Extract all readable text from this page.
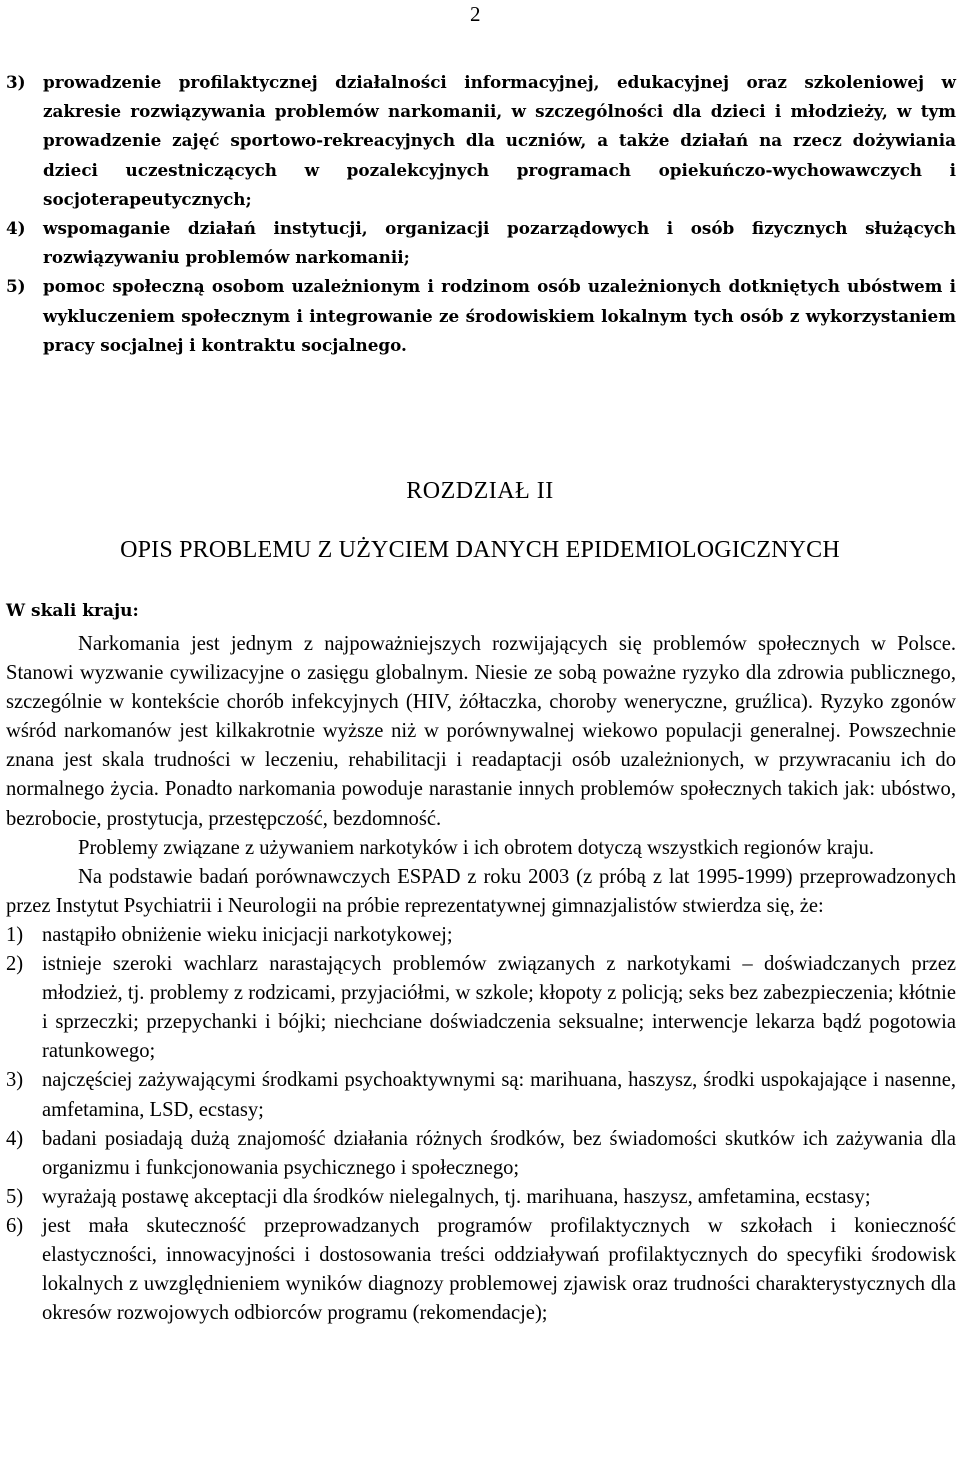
2
3)	prowadzenie profilaktycznej działalności informacyjnej, edukacyjnej oraz szkoleniowej w zakresie rozwiązywania problemów narkomanii, w szczególności dla dzieci i młodzieży, w tym prowadzenie zajęć sportowo-rekreacyjnych dla uczniów, a także działań na rzecz dożywiania dzieci uczestniczących w pozalekcyjnych programach opiekuńczo-wychowawczych i socjoterapeutycznych;
4)	wspomaganie działań instytucji, organizacji pozarządowych i osób fizycznych służących rozwiązywaniu problemów narkomanii;
5)	pomoc społeczną osobom uzależnionym i rodzinom osób uzależnionych dotkniętych ubóstwem i wykluczeniem społecznym i integrowanie ze środowiskiem lokalnym tych osób z wykorzystaniem pracy socjalnej i kontraktu socjalnego.
ROZDZIAŁ II
OPIS PROBLEMU Z UŻYCIEM DANYCH EPIDEMIOLOGICZNYCH
W skali kraju:

Narkomania jest jednym z najpoważniejszych rozwijających się problemów społecznych w Polsce. Stanowi wyzwanie cywilizacyjne o zasięgu globalnym. Niesie ze sobą poważne ryzyko dla zdrowia publicznego, szczególnie w kontekście chorób infekcyjnych (HIV, żółtaczka, choroby weneryczne, gruźlica). Ryzyko zgonów wśród narkomanów jest kilkakrotnie wyższe niż w porównywalnej wiekowo populacji generalnej. Powszechnie znana jest skala trudności w leczeniu, rehabilitacji i readaptacji osób uzależnionych, w przywracaniu ich do normalnego życia. Ponadto narkomania powoduje narastanie innych problemów społecznych takich jak: ubóstwo, bezrobocie, prostytucja, przestępczość, bezdomność.

Problemy związane z używaniem narkotyków i ich obrotem dotyczą wszystkich regionów kraju.

Na podstawie badań porównawczych ESPAD z roku 2003 (z próbą z lat 1995-1999) przeprowadzonych przez Instytut Psychiatrii i Neurologii na próbie reprezentatywnej gimnazjalistów stwierdza się, że:

1) nastąpiło obniżenie wieku inicjacji narkotykowej;
2) istnieje szeroki wachlarz narastających problemów związanych z narkotykami – doświadczanych przez młodzież, tj. problemy z rodzicami, przyjaciółmi, w szkole; kłopoty z policją; seks bez zabezpieczenia; kłótnie i sprzeczki; przepychanki i bójki; niechciane doświadczenia seksualne; interwencje lekarza bądź pogotowia ratunkowego;
3) najczęściej zażywającymi środkami psychoaktywnymi są: marihuana, haszysz, środki uspokajające i nasenne, amfetamina, LSD, ecstasy;
4) badani posiadają dużą znajomość działania różnych środków, bez świadomości skutków ich zażywania dla organizmu i funkcjonowania psychicznego i społecznego;
5) wyrażają postawę akceptacji dla środków nielegalnych, tj. marihuana, haszysz, amfetamina, ecstasy;
6) jest mała skuteczność przeprowadzanych programów profilaktycznych w szkołach i konieczność elastyczności, innowacyjności i dostosowania treści oddziaływań profilaktycznych do specyfiki środowisk lokalnych z uwzględnieniem wyników diagnozy problemowej zjawisk oraz trudności charakterystycznych dla okresów rozwojowych odbiorców programu (rekomendacje);
